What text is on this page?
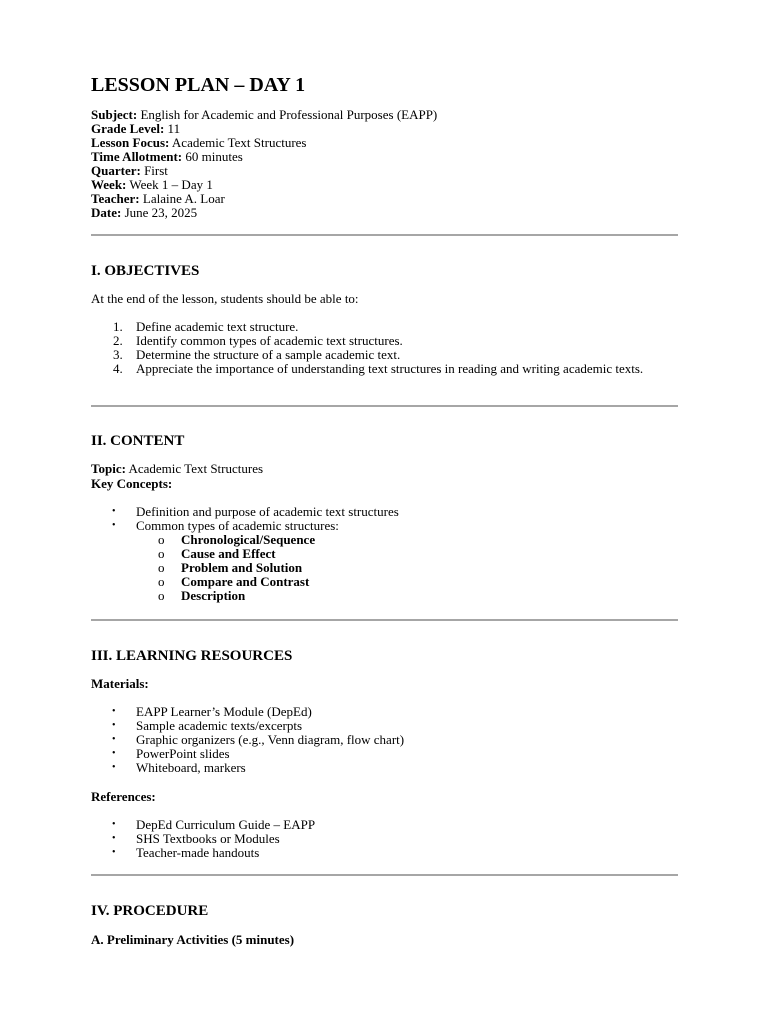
LESSON PLAN – DAY 1
Subject: English for Academic and Professional Purposes (EAPP)
Grade Level: 11
Lesson Focus: Academic Text Structures
Time Allotment: 60 minutes
Quarter: First
Week: Week 1 – Day 1
Teacher: Lalaine A. Loar
Date: June 23, 2025
I. OBJECTIVES
At the end of the lesson, students should be able to:
1. Define academic text structure.
2. Identify common types of academic text structures.
3. Determine the structure of a sample academic text.
4. Appreciate the importance of understanding text structures in reading and writing academic texts.
II. CONTENT
Topic: Academic Text Structures
Key Concepts:
• Definition and purpose of academic text structures
• Common types of academic structures:
o Chronological/Sequence
o Cause and Effect
o Problem and Solution
o Compare and Contrast
o Description
III. LEARNING RESOURCES
Materials:
• EAPP Learner’s Module (DepEd)
• Sample academic texts/excerpts
• Graphic organizers (e.g., Venn diagram, flow chart)
• PowerPoint slides
• Whiteboard, markers
References:
• DepEd Curriculum Guide – EAPP
• SHS Textbooks or Modules
• Teacher-made handouts
IV. PROCEDURE
A. Preliminary Activities (5 minutes)
